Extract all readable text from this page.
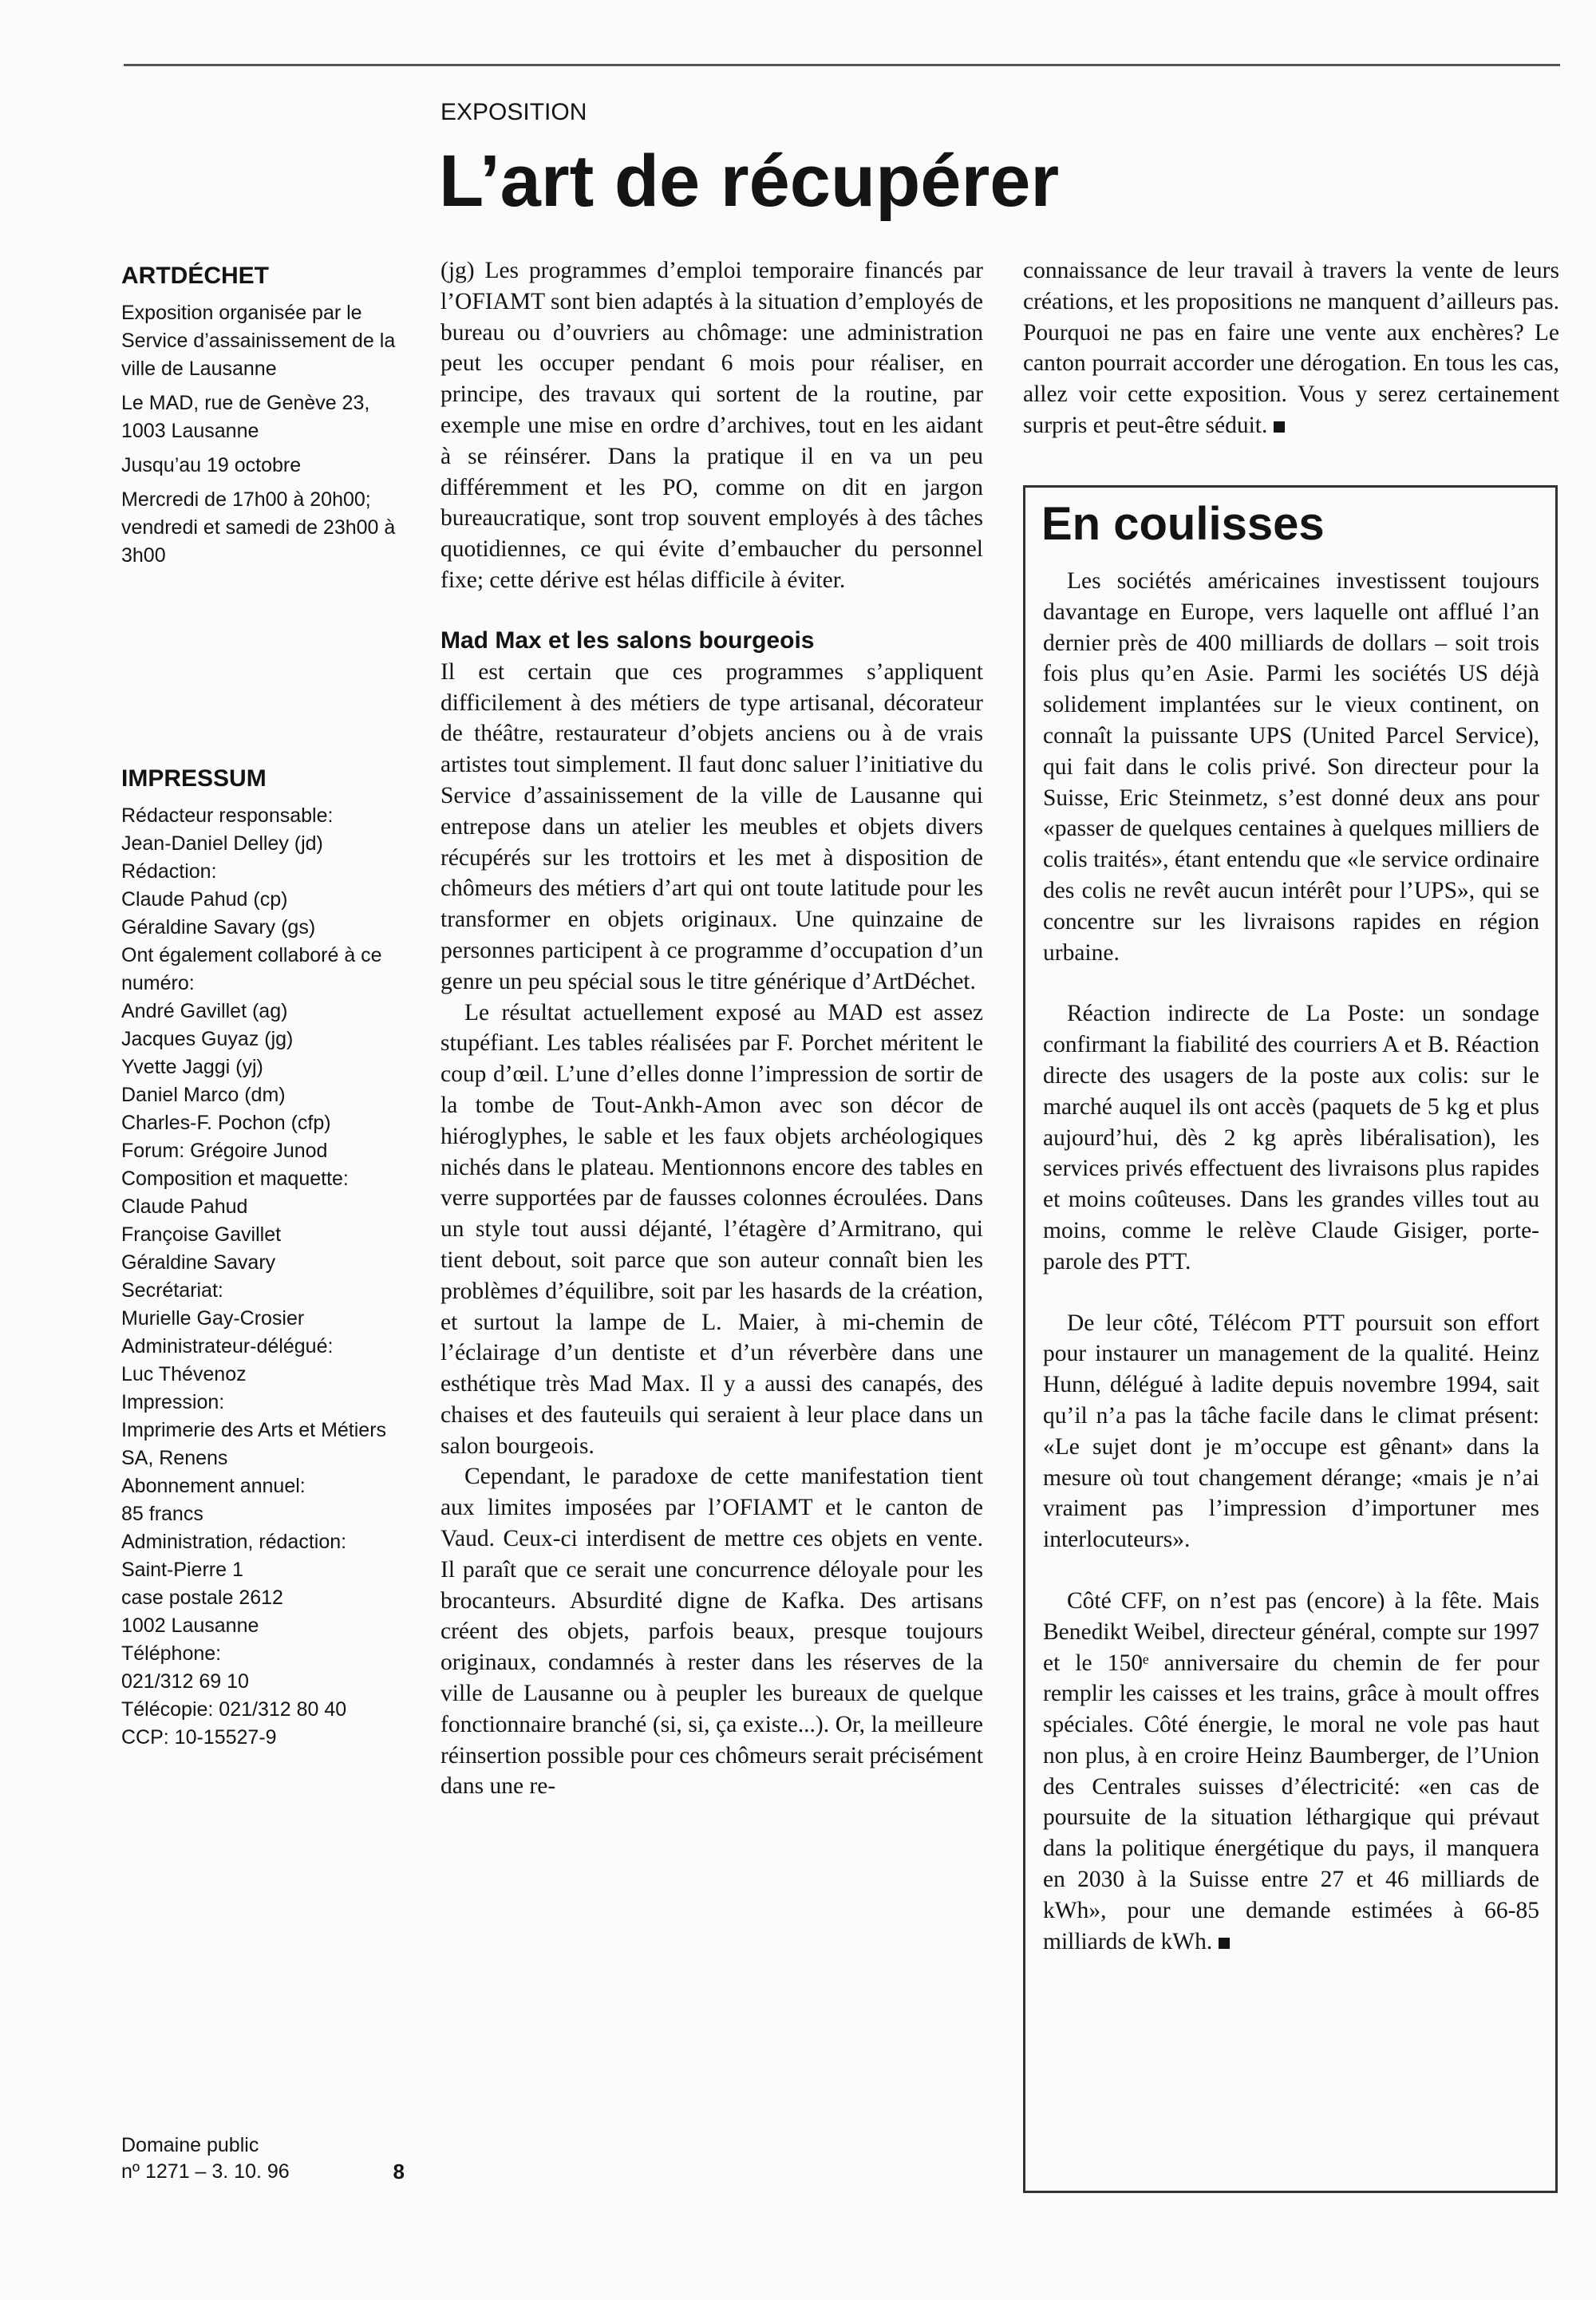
EXPOSITION
L’art de récupérer
ARTDÉCHET

Exposition organisée par le Service d’assainissement de la ville de Lausanne

Le MAD, rue de Genève 23, 1003 Lausanne

Jusqu’au 19 octobre

Mercredi de 17h00 à 20h00; vendredi et samedi de 23h00 à 3h00

IMPRESSUM
Rédacteur responsable:
Jean-Daniel Delley (jd)
Rédaction:
Claude Pahud (cp)
Géraldine Savary (gs)
Ont également collaboré à ce numéro:
André Gavillet (ag)
Jacques Guyaz (jg)
Yvette Jaggi (yj)
Daniel Marco (dm)
Charles-F. Pochon (cfp)
Forum: Grégoire Junod
Composition et maquette:
Claude Pahud
Françoise Gavillet
Géraldine Savary
Secrétariat:
Murielle Gay-Crosier
Administrateur-délégué:
Luc Thévenoz
Impression:
Imprimerie des Arts et Métiers SA, Renens
Abonnement annuel:
85 francs
Administration, rédaction:
Saint-Pierre 1
case postale 2612
1002 Lausanne
Téléphone:
021/312 69 10
Télécopie: 021/312 80 40
CCP: 10-15527-9
Domaine public
nº 1271 – 3. 10. 96	8

(jg) Les programmes d’emploi temporaire financés par l’OFIAMT sont bien adaptés à la situation d’employés de bureau ou d’ouvriers au chômage: une administration peut les occuper pendant 6 mois pour réaliser, en principe, des travaux qui sortent de la routine, par exemple une mise en ordre d’archives, tout en les aidant à se réinsérer. Dans la pratique il en va un peu différemment et les PO, comme on dit en jargon bureaucratique, sont trop souvent employés à des tâches quotidiennes, ce qui évite d’embaucher du personnel fixe; cette dérive est hélas difficile à éviter.

Mad Max et les salons bourgeois

Il est certain que ces programmes s’appliquent difficilement à des métiers de type artisanal, décorateur de théâtre, restaurateur d’objets anciens ou à de vrais artistes tout simplement. Il faut donc saluer l’initiative du Service d’assainissement de la ville de Lausanne qui entrepose dans un atelier les meubles et objets divers récupérés sur les trottoirs et les met à disposition de chômeurs des métiers d’art qui ont toute latitude pour les transformer en objets originaux. Une quinzaine de personnes participent à ce programme d’occupation d’un genre un peu spécial sous le titre générique d’ArtDéchet.

Le résultat actuellement exposé au MAD est assez stupéfiant. Les tables réalisées par F. Porchet méritent le coup d’œil. L’une d’elles donne l’impression de sortir de la tombe de Tout-Ankh-Amon avec son décor de hiéroglyphes, le sable et les faux objets archéologiques nichés dans le plateau. Mentionnons encore des tables en verre supportées par de fausses colonnes écroulées. Dans un style tout aussi déjanté, l’étagère d’Armitrano, qui tient debout, soit parce que son auteur connaît bien les problèmes d’équilibre, soit par les hasards de la création, et surtout la lampe de L. Maier, à mi-chemin de l’éclairage d’un dentiste et d’un réverbère dans une esthétique très Mad Max. Il y a aussi des canapés, des chaises et des fauteuils qui seraient à leur place dans un salon bourgeois.

Cependant, le paradoxe de cette manifestation tient aux limites imposées par l’OFIAMT et le canton de Vaud. Ceux-ci interdisent de mettre ces objets en vente. Il paraît que ce serait une concurrence déloyale pour les brocanteurs. Absurdité digne de Kafka. Des artisans créent des objets, parfois beaux, presque toujours originaux, condamnés à rester dans les réserves de la ville de Lausanne ou à peupler les bureaux de quelque fonctionnaire branché (si, si, ça existe...). Or, la meilleure réinsertion possible pour ces chômeurs serait précisément dans une re-

connaissance de leur travail à travers la vente de leurs créations, et les propositions ne manquent d’ailleurs pas. Pourquoi ne pas en faire une vente aux enchères? Le canton pourrait accorder une dérogation. En tous les cas, allez voir cette exposition. Vous y serez certainement surpris et peut-être séduit.

En coulisses

Les sociétés américaines investissent toujours davantage en Europe, vers laquelle ont afflué l’an dernier près de 400 milliards de dollars – soit trois fois plus qu’en Asie. Parmi les sociétés US déjà solidement implantées sur le vieux continent, on connaît la puissante UPS (United Parcel Service), qui fait dans le colis privé. Son directeur pour la Suisse, Eric Steinmetz, s’est donné deux ans pour «passer de quelques centaines à quelques milliers de colis traités», étant entendu que «le service ordinaire des colis ne revêt aucun intérêt pour l’UPS», qui se concentre sur les livraisons rapides en région urbaine.

Réaction indirecte de La Poste: un sondage confirmant la fiabilité des courriers A et B. Réaction directe des usagers de la poste aux colis: sur le marché auquel ils ont accès (paquets de 5 kg et plus aujourd’hui, dès 2 kg après libéralisation), les services privés effectuent des livraisons plus rapides et moins coûteuses. Dans les grandes villes tout au moins, comme le relève Claude Gisiger, porte-parole des PTT.

De leur côté, Télécom PTT poursuit son effort pour instaurer un management de la qualité. Heinz Hunn, délégué à ladite depuis novembre 1994, sait qu’il n’a pas la tâche facile dans le climat présent: «Le sujet dont je m’occupe est gênant» dans la mesure où tout changement dérange; «mais je n’ai vraiment pas l’impression d’importuner mes interlocuteurs».

Côté CFF, on n’est pas (encore) à la fête. Mais Benedikt Weibel, directeur général, compte sur 1997 et le 150ᵉ anniversaire du chemin de fer pour remplir les caisses et les trains, grâce à moult offres spéciales. Côté énergie, le moral ne vole pas haut non plus, à en croire Heinz Baumberger, de l’Union des Centrales suisses d’électricité: «en cas de poursuite de la situation léthargique qui prévaut dans la politique énergétique du pays, il manquera en 2030 à la Suisse entre 27 et 46 milliards de kWh», pour une demande estimées à 66-85 milliards de kWh.
